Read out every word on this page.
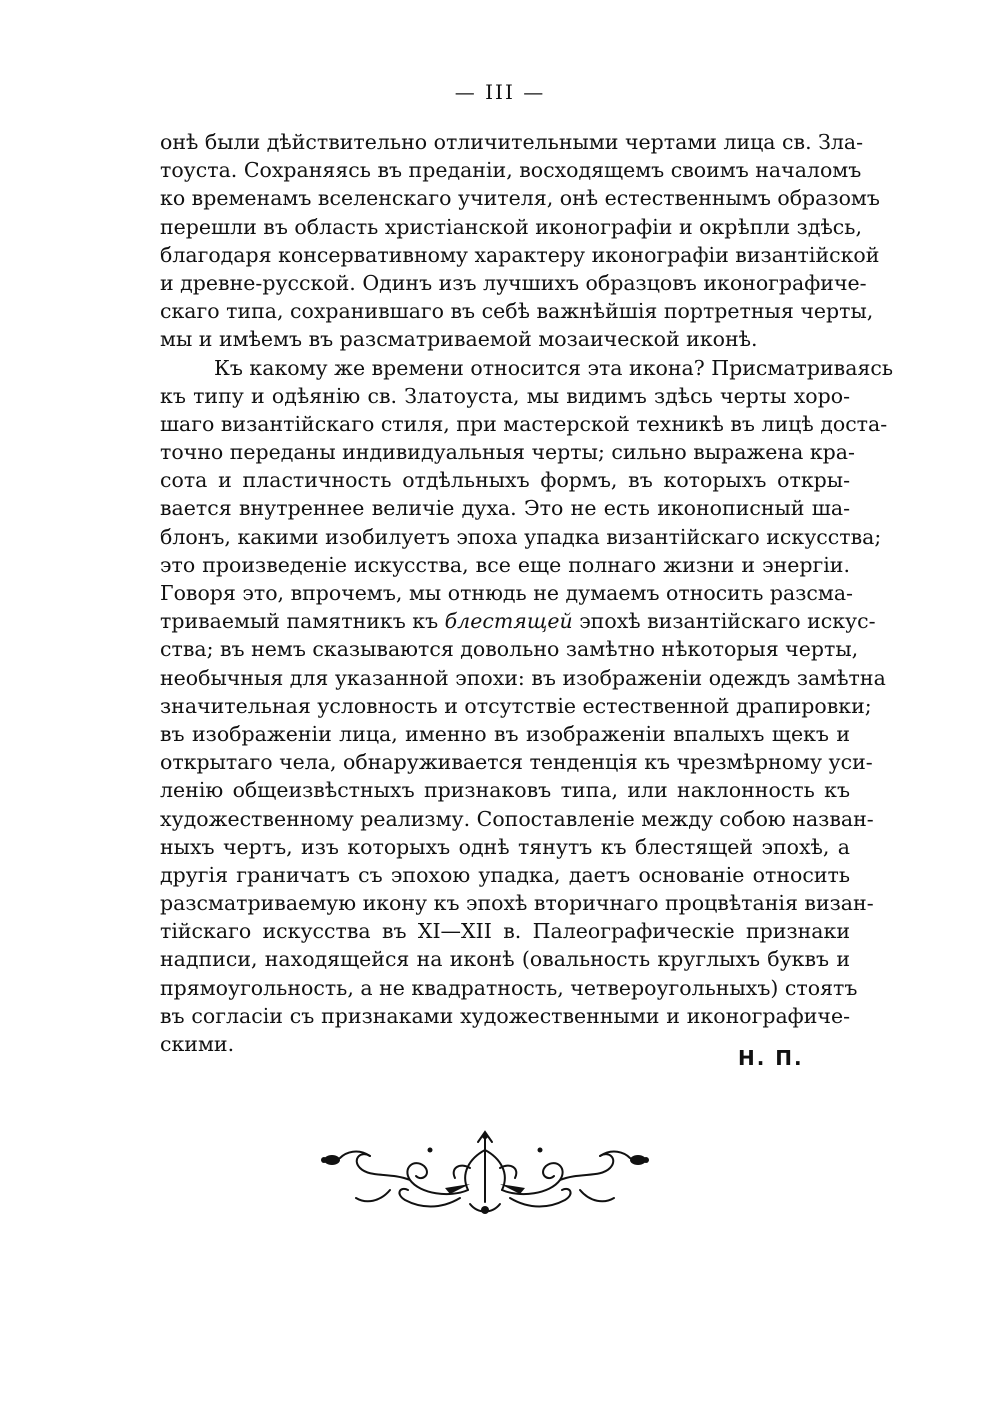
— III —
онѣ были дѣйствительно отличительными чертами лица св. Зла-
тоуста. Сохраняясь въ преданіи, восходящемъ своимъ началомъ
ко временамъ вселенскаго учителя, онѣ естественнымъ образомъ
перешли въ область христіанской иконографіи и окрѣпли здѣсь,
благодаря консервативному характеру иконографіи византійской
и древне-русской. Одинъ изъ лучшихъ образцовъ иконографиче-
скаго типа, сохранившаго въ себѣ важнѣйшія портретныя черты,
мы и имѣемъ въ разсматриваемой мозаической иконѣ.
Къ какому же времени относится эта икона? Присматриваясь
къ типу и одѣянію св. Златоуста, мы видимъ здѣсь черты хоро-
шаго византійскаго стиля, при мастерской техникѣ въ лицѣ доста-
точно переданы индивидуальныя черты; сильно выражена кра-
сота и пластичность отдѣльныхъ формъ, въ которыхъ откры-
вается внутреннее величіе духа. Это не есть иконописный ша-
блонъ, какими изобилуетъ эпоха упадка византійскаго искусства;
это произведеніе искусства, все еще полнаго жизни и энергіи.
Говоря это, впрочемъ, мы отнюдь не думаемъ относить разсма-
триваемый памятникъ къ блестящей эпохѣ византійскаго искус-
ства; въ немъ сказываются довольно замѣтно нѣкоторыя черты,
необычныя для указанной эпохи: въ изображеніи одеждъ замѣтна
значительная условность и отсутствіе естественной драпировки;
въ изображеніи лица, именно въ изображеніи впалыхъ щекъ и
открытаго чела, обнаруживается тенденція къ чрезмѣрному уси-
ленію общеизвѣстныхъ признаковъ типа, или наклонность къ
художественному реализму. Сопоставленіе между собою назван-
ныхъ чертъ, изъ которыхъ однѣ тянутъ къ блестящей эпохѣ, а
другія граничатъ съ эпохою упадка, даетъ основаніе относить
разсматриваемую икону къ эпохѣ вторичнаго процвѣтанія визан-
тійскаго искусства въ XI—XII в. Палеографическіе признаки
надписи, находящейся на иконѣ (овальность круглыхъ буквъ и
прямоугольность, а не квадратность, четвероугольныхъ) стоятъ
въ согласіи съ признаками художественными и иконографиче-
скими.
Н. П.
